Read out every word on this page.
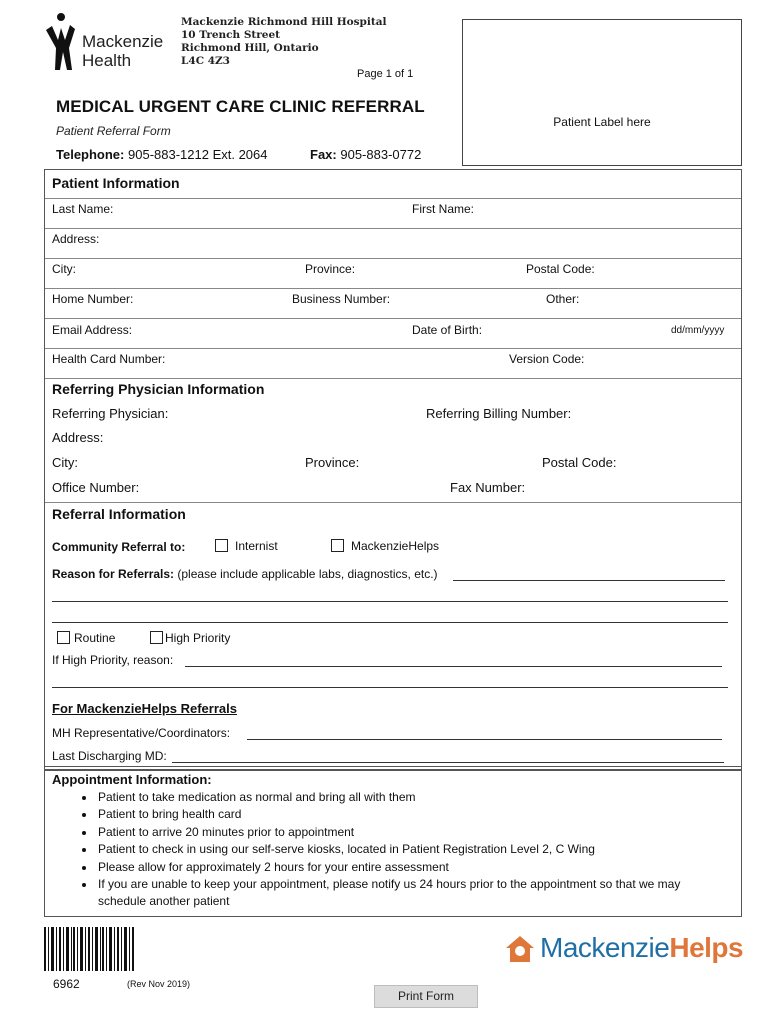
Mackenzie
Health
Mackenzie Richmond Hill Hospital
10 Trench Street
Richmond Hill, Ontario
L4C 4Z3
Page 1 of 1
Patient Label here
MEDICAL URGENT CARE CLINIC REFERRAL
Patient Referral Form
Telephone: 905-883-1212 Ext. 2064	Fax: 905-883-0772
Patient Information
Last Name:	First Name:
Address:
City:	Province:	Postal Code:
Home Number:	Business Number:	Other:
Email Address:	Date of Birth:	dd/mm/yyyy
Health Card Number:	Version Code:
Referring Physician Information
Referring Physician:	Referring Billing Number:
Address:
City:	Province:	Postal Code:
Office Number:	Fax Number:
Referral Information
Community Referral to:	Internist	MackenzieHelps
Reason for Referrals: (please include applicable labs, diagnostics, etc.)
Routine	High Priority
If High Priority, reason:
For MackenzieHelps Referrals
MH Representative/Coordinators:
Last Discharging MD:
Appointment Information:
• Patient to take medication as normal and bring all with them
• Patient to bring health card
• Patient to arrive 20 minutes prior to appointment
• Patient to check in using our self-serve kiosks, located in Patient Registration Level 2, C Wing
• Please allow for approximately 2 hours for your entire assessment
• If you are unable to keep your appointment, please notify us 24 hours prior to the appointment so that we may schedule another patient
6962	(Rev Nov 2019)
MackenzieHelps
Print Form
